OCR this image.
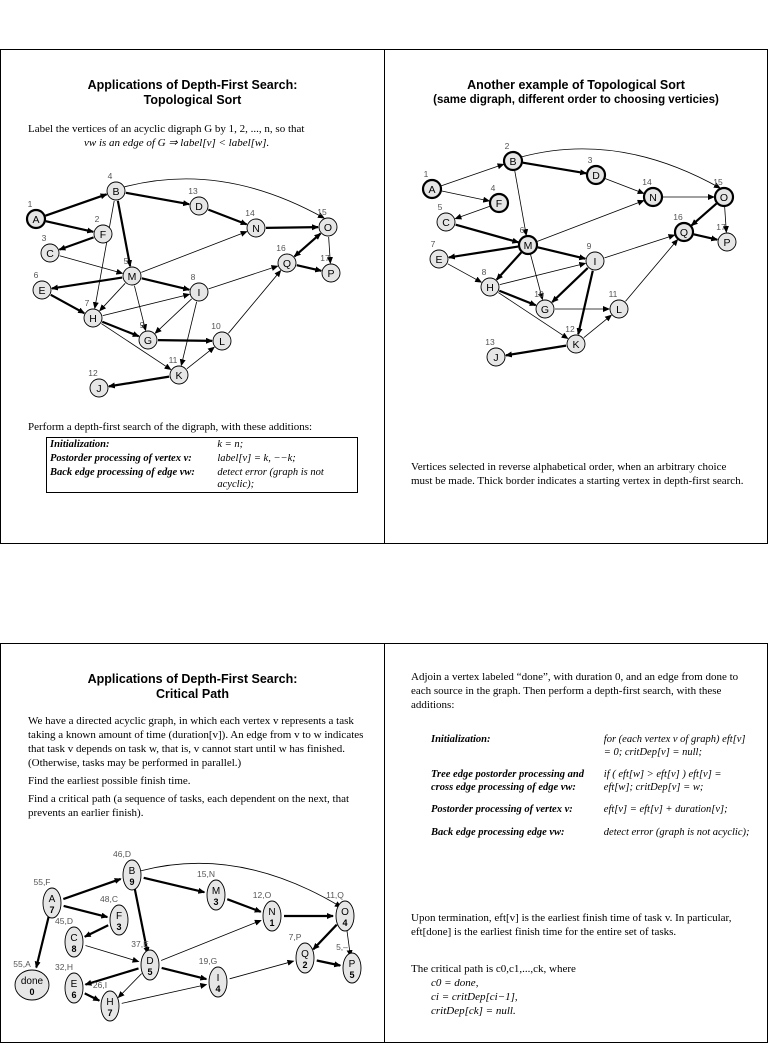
Applications of Depth-First Search:
Topological Sort
Label the vertices of an acyclic digraph G by 1, 2, ..., n, so that
vw is an edge of G ⇒ label[v] < label[w].
Perform a depth-first search of the digraph, with these additions:
Initialization:	k = n;
Postorder processing of vertex v:	label[v] = k, −−k;
Back edge processing of edge vw:	detect error (graph is not acyclic);
Another example of Topological Sort
(same digraph, different order to choosing verticies)
Vertices selected in reverse alphabetical order, when an arbitrary choice must be made. Thick border indicates a starting vertex in depth-first search.
Applications of Depth-First Search:
Critical Path

We have a directed acyclic graph, in which each vertex v represents a task taking a known amount of time (duration[v]). An edge from v to w indicates that task v depends on task w, that is, v cannot start until w has finished. (Otherwise, tasks may be performed in parallel.)

Find the earliest possible finish time.

Find a critical path (a sequence of tasks, each dependent on the next, that prevents an earlier finish).

Adjoin a vertex labeled “done”, with duration 0, and an edge from done to each source in the graph. Then perform a depth-first search, with these additions:
Initialization:	for (each vertex v of graph) eft[v] = 0; critDep[v] = null;
Tree edge postorder processing and cross edge processing of edge vw:	if ( eft[w] > eft[v] ) eft[v] = eft[w]; critDep[v] = w;
Postorder processing of vertex v:	eft[v] = eft[v] + duration[v];
Back edge processing edge vw:	detect error (graph is not acyclic);
Upon termination, eft[v] is the earliest finish time of task v. In particular, eft[done] is the earliest finish time for the entire set of tasks.
The critical path is c0,c1,...,ck, where
c0 = done,
ci = critDep[ci−1],
critDep[ck] = null.
A
1
B
4
F
2
C
3
D
13
N
14
O
15
M
5
E
6
I
8
Q
16
P
17
H
7
G
9
L
10
K
11
J
12
A
1
B
2
D
3
F
4
C
5
M
6
E
7
H
8
I
9
G
10
L
11
K
12
J
13
N
14
O
15
Q
16
P
17
A
7
55,F
B
9
46,D
F
3
48,C
C
8
45,D
M
3
15,N
N
1
12,O
O
4
11,Q
D
5
37,E
Q
2
7,P
P
5
5,–
I
4
19,G
E
6
32,H
H
7
26,I
done
0
55,A
